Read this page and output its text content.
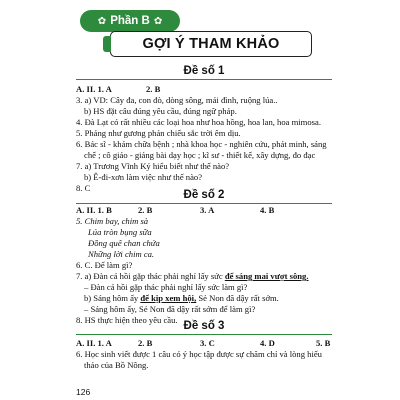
✿ Phần B ✿
GỢI Ý THAM KHẢO
Đề số 1
A. II. 1. A	2. B
3. a) VD: Cây đa, con đò, dòng sông, mái đình, ruộng lúa..
b) HS đặt câu đúng yêu cầu, đúng ngữ pháp.
4. Đà Lạt có rất nhiều các loại hoa như hoa hồng, hoa lan, hoa mimosa.
5. Phảng như gương phản chiếu sắc trời êm dịu.
6. Bác sĩ - khám chữa bệnh ; nhà khoa học - nghiên cứu, phát minh, sáng
chế ; cô giáo - giảng bài dạy học ; kĩ sư - thiết kế, xây dựng, đo đạc
7. a) Trương Vĩnh Ký hiểu biết như thế nào?
b) Ê-đi-xơn làm việc như thế nào?
8. C
Đề số 2
A. II. 1. B	2. B	3. A	4. B
5. Chim bay, chim sà
Lúa tròn bụng sữa
Đồng quê chan chứa
Những lời chim ca.
6. C. Để làm gì?
7. a) Đàn cá hồi gặp thác phải nghỉ lấy sức để sáng mai vượt sông.
– Đàn cá hồi gặp thác phải nghỉ lấy sức làm gì?
b) Sáng hôm ấy để kịp xem hội, Sẻ Non đã dậy rất sớm.
– Sáng hôm ấy, Sẻ Non đã dậy rất sớm để làm gì?
8. HS thực hiện theo yêu cầu. Đề số 3
A. II. 1. A	2. B	3. C	4. D	5. B
6. Học sinh viết được 1 câu có ý học tập được sự chăm chỉ và lòng hiếu
thảo của Bồ Nông.
126
